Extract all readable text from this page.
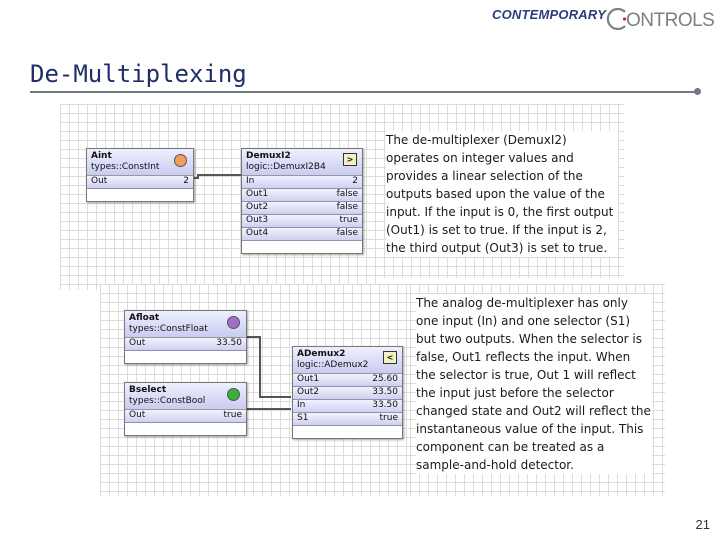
CONTEMPORARY ONTROLS
De-Multiplexing
Aint
types::ConstInt
Out	2
DemuxI2
logic::DemuxI2B4
>
In	2
Out1	false
Out2	false
Out3	true
Out4	false
Afloat
types::ConstFloat
Out	33.50
Bselect
types::ConstBool
Out	true
ADemux2
logic::ADemux2
<
Out1	25.60
Out2	33.50
In	33.50
S1	true
The de-multiplexer (DemuxI2) operates on integer values and provides a linear selection of the outputs based upon the value of the input. If the input is 0, the first output (Out1) is set to true. If the input is 2, the third output (Out3) is set to true.
The analog de-multiplexer has only one input (In) and one selector (S1) but two outputs. When the selector is false, Out1 reflects the input. When the selector is true, Out 1 will reflect the input just before the selector changed state and Out2 will reflect the instantaneous value of the input. This component can be treated as a sample-and-hold detector.
21
